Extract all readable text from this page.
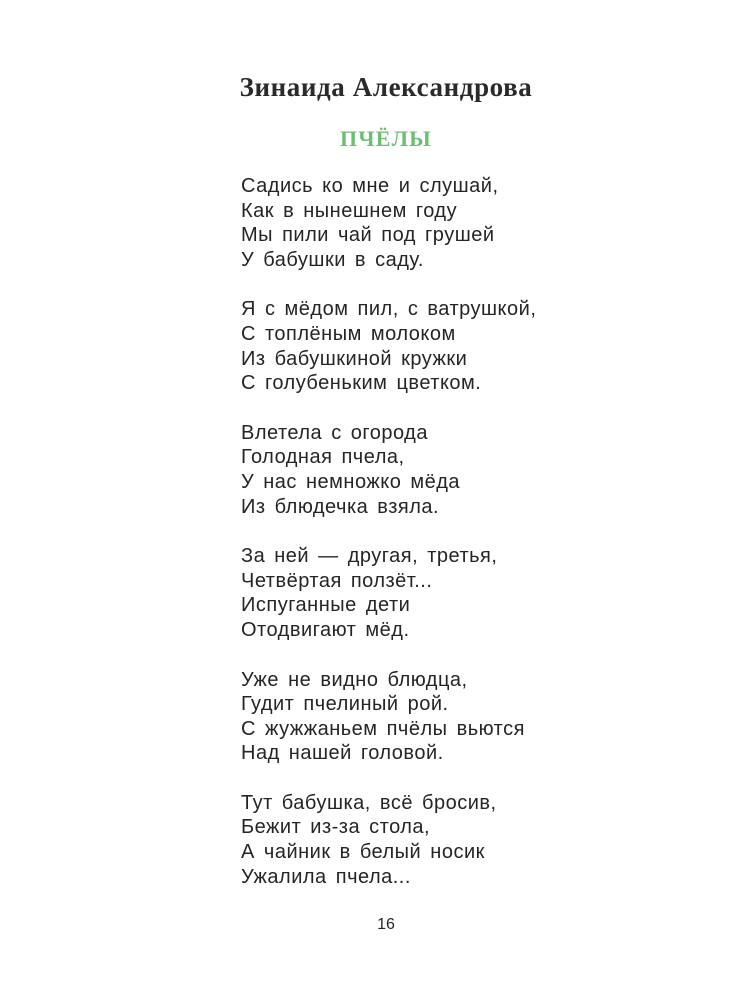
Зинаида Александрова
ПЧЁЛЫ
Садись ко мне и слушай,
Как в нынешнем году
Мы пили чай под грушей
У бабушки в саду.
Я с мёдом пил, с ватрушкой,
С топлёным молоком
Из бабушкиной кружки
С голубеньким цветком.
Влетела с огорода
Голодная пчела,
У нас немножко мёда
Из блюдечка взяла.
За ней — другая, третья,
Четвёртая ползёт...
Испуганные дети
Отодвигают мёд.
Уже не видно блюдца,
Гудит пчелиный рой.
С жужжаньем пчёлы вьются
Над нашей головой.
Тут бабушка, всё бросив,
Бежит из-за стола,
А чайник в белый носик
Ужалила пчела...
16
